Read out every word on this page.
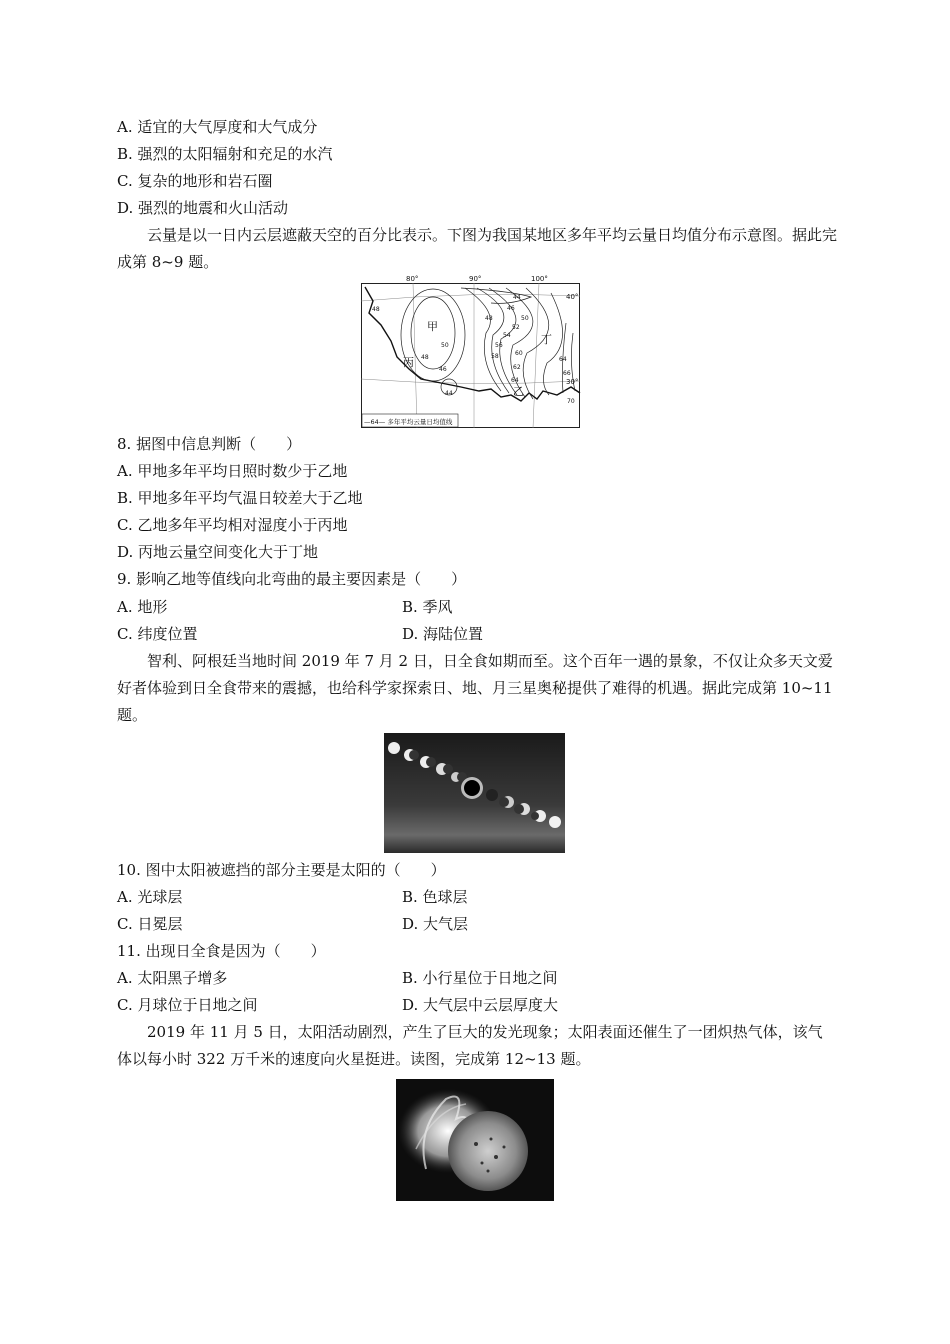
A. 适宜的大气厚度和大气成分
B. 强烈的太阳辐射和充足的水汽
C. 复杂的地形和岩石圈
D. 强烈的地震和火山活动
云量是以一日内云层遮蔽天空的百分比表示。下图为我国某地区多年平均云量日均值分布示意图。据此完成第 8~9 题。
80°	90°	100°
40°
30°
甲
乙
丙
丁
48
50
48
46
44
44
46
48	50
52
54
56
58	60
62
64
64
66
70
—64— 多年平均云量日均值线
8. 据图中信息判断（　　）
A. 甲地多年平均日照时数少于乙地
B. 甲地多年平均气温日较差大于乙地
C. 乙地多年平均相对湿度小于丙地
D. 丙地云量空间变化大于丁地
9. 影响乙地等值线向北弯曲的最主要因素是（　　）
A. 地形	B. 季风
C. 纬度位置	D. 海陆位置
智利、阿根廷当地时间 2019 年 7 月 2 日，日全食如期而至。这个百年一遇的景象，不仅让众多天文爱好者体验到日全食带来的震撼，也给科学家探索日、地、月三星奥秘提供了难得的机遇。据此完成第 10~11 题。
10. 图中太阳被遮挡的部分主要是太阳的（　　）
A. 光球层	B. 色球层
C. 日冕层	D. 大气层
11. 出现日全食是因为（　　）
A. 太阳黑子增多	B. 小行星位于日地之间
C. 月球位于日地之间	D. 大气层中云层厚度大
2019 年 11 月 5 日，太阳活动剧烈，产生了巨大的发光现象；太阳表面还催生了一团炽热气体，该气体以每小时 322 万千米的速度向火星挺进。读图，完成第 12~13 题。
